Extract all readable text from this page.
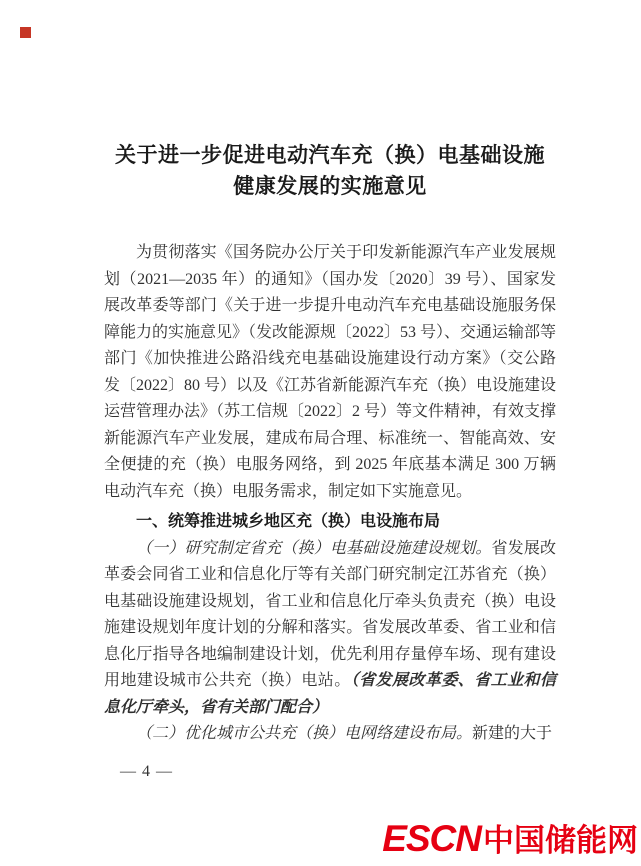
关于进一步促进电动汽车充（换）电基础设施
健康发展的实施意见

为贯彻落实《国务院办公厅关于印发新能源汽车产业发展规划（2021—2035 年）的通知》（国办发〔2020〕39 号）、国家发展改革委等部门《关于进一步提升电动汽车充电基础设施服务保障能力的实施意见》（发改能源规〔2022〕53 号）、交通运输部等部门《加快推进公路沿线充电基础设施建设行动方案》（交公路发〔2022〕80 号）以及《江苏省新能源汽车充（换）电设施建设运营管理办法》（苏工信规〔2022〕2 号）等文件精神，有效支撑新能源汽车产业发展，建成布局合理、标准统一、智能高效、安全便捷的充（换）电服务网络，到 2025 年底基本满足 300 万辆电动汽车充（换）电服务需求，制定如下实施意见。

一、统筹推进城乡地区充（换）电设施布局

（一）研究制定省充（换）电基础设施建设规划。省发展改革委会同省工业和信息化厅等有关部门研究制定江苏省充（换）电基础设施建设规划，省工业和信息化厅牵头负责充（换）电设施建设规划年度计划的分解和落实。省发展改革委、省工业和信息化厅指导各地编制建设计划，优先利用存量停车场、现有建设用地建设城市公共充（换）电站。（省发展改革委、省工业和信息化厅牵头，省有关部门配合）

（二）优化城市公共充（换）电网络建设布局。新建的大于

— 4 —
ESCN中国储能网
